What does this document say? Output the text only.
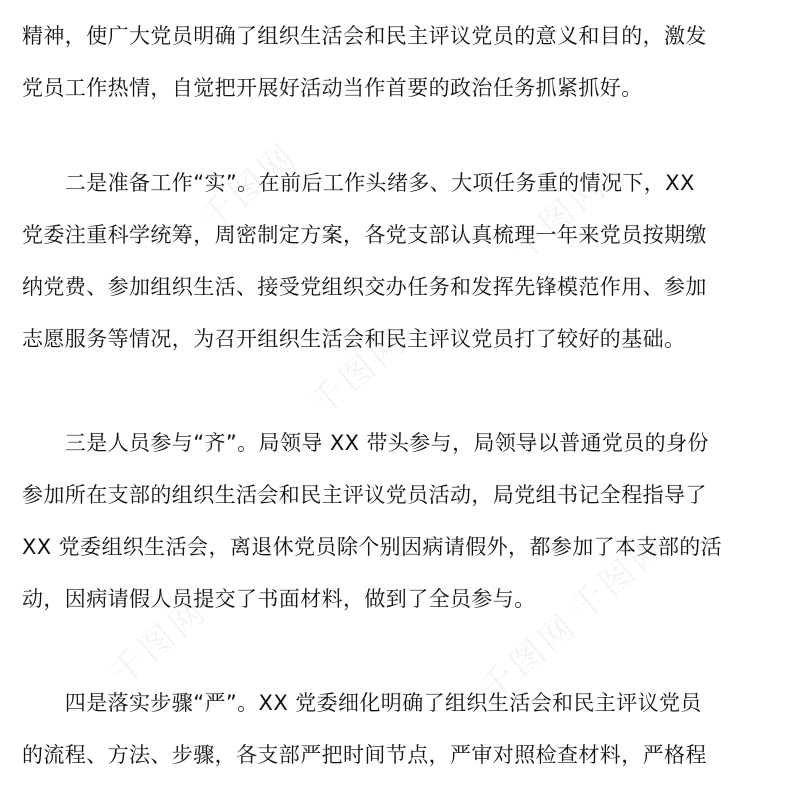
精神，使广大党员明确了组织生活会和民主评议党员的意义和目的，激发
党员工作热情，自觉把开展好活动当作首要的政治任务抓紧抓好。
　　二是准备工作“实”。在前后工作头绪多、大项任务重的情况下，XX
党委注重科学统筹，周密制定方案，各党支部认真梳理一年来党员按期缴
纳党费、参加组织生活、接受党组织交办任务和发挥先锋模范作用、参加
志愿服务等情况，为召开组织生活会和民主评议党员打了较好的基础。
　　三是人员参与“齐”。局领导 XX 带头参与，局领导以普通党员的身份
参加所在支部的组织生活会和民主评议党员活动，局党组书记全程指导了
XX 党委组织生活会，离退休党员除个别因病请假外，都参加了本支部的活
动，因病请假人员提交了书面材料，做到了全员参与。
　　四是落实步骤“严”。XX 党委细化明确了组织生活会和民主评议党员
的流程、方法、步骤，各支部严把时间节点，严审对照检查材料，严格程
